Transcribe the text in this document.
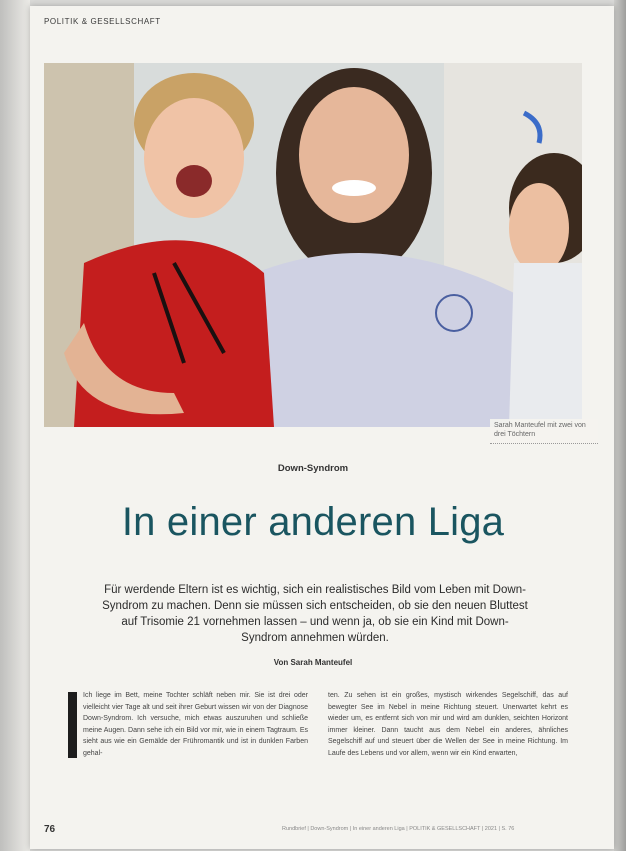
POLITIK & GESELLSCHAFT
Sarah Manteufel mit zwei von drei Töchtern
Down-Syndrom
In einer anderen Liga
Für werdende Eltern ist es wichtig, sich ein realistisches Bild vom Leben mit Down-Syndrom zu machen. Denn sie müssen sich entscheiden, ob sie den neuen Bluttest auf Trisomie 21 vornehmen lassen – und wenn ja, ob sie ein Kind mit Down-Syndrom annehmen würden.
Von Sarah Manteufel
Ich liege im Bett, meine Tochter schläft neben mir. Sie ist drei oder vielleicht vier Tage alt und seit ihrer Geburt wissen wir von der Diagnose Down-Syndrom. Ich versuche, mich etwas auszuruhen und schließe meine Augen. Dann sehe ich ein Bild vor mir, wie in einem Tagtraum. Es sieht aus wie ein Gemälde der Frühromantik und ist in dunklen Farben gehal-
ten. Zu sehen ist ein großes, mystisch wirkendes Segelschiff, das auf bewegter See im Nebel in meine Richtung steuert. Unerwartet kehrt es wieder um, es entfernt sich von mir und wird am dunklen, seichten Horizont immer kleiner. Dann taucht aus dem Nebel ein anderes, ähnliches Segelschiff auf und steuert über die Wellen der See in meine Richtung. Im Laufe des Lebens und vor allem, wenn wir ein Kind erwarten,
76	Rundbrief | Down-Syndrom | In einer anderen Liga | POLITIK & GESELLSCHAFT | 2021 | S. 76
